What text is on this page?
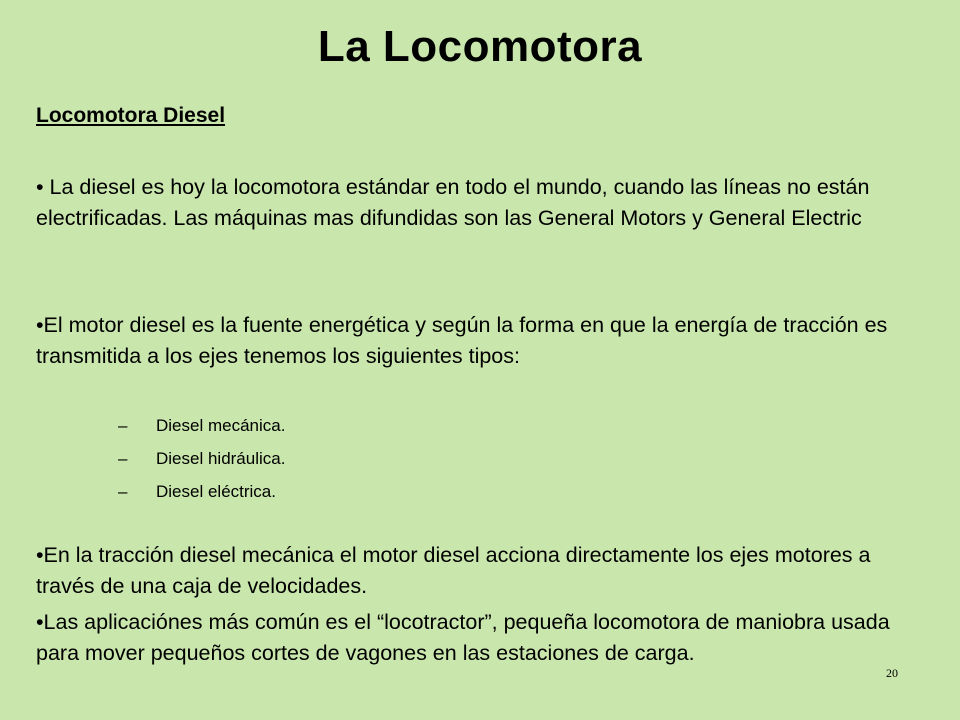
La Locomotora
Locomotora Diesel
• La diesel es hoy la locomotora estándar en todo el mundo, cuando las líneas no están electrificadas. Las máquinas mas difundidas son las General Motors y General Electric
•El motor diesel es la fuente energética y según la forma en que la energía de tracción es transmitida a los ejes tenemos los siguientes tipos:
– Diesel mecánica.
– Diesel hidráulica.
– Diesel eléctrica.
•En la tracción diesel mecánica el motor diesel acciona directamente los ejes motores a través de una caja de velocidades.
•Las aplicaciónes más común es el “locotractor”, pequeña locomotora de maniobra usada para mover pequeños cortes de vagones en las estaciones de carga.
20
